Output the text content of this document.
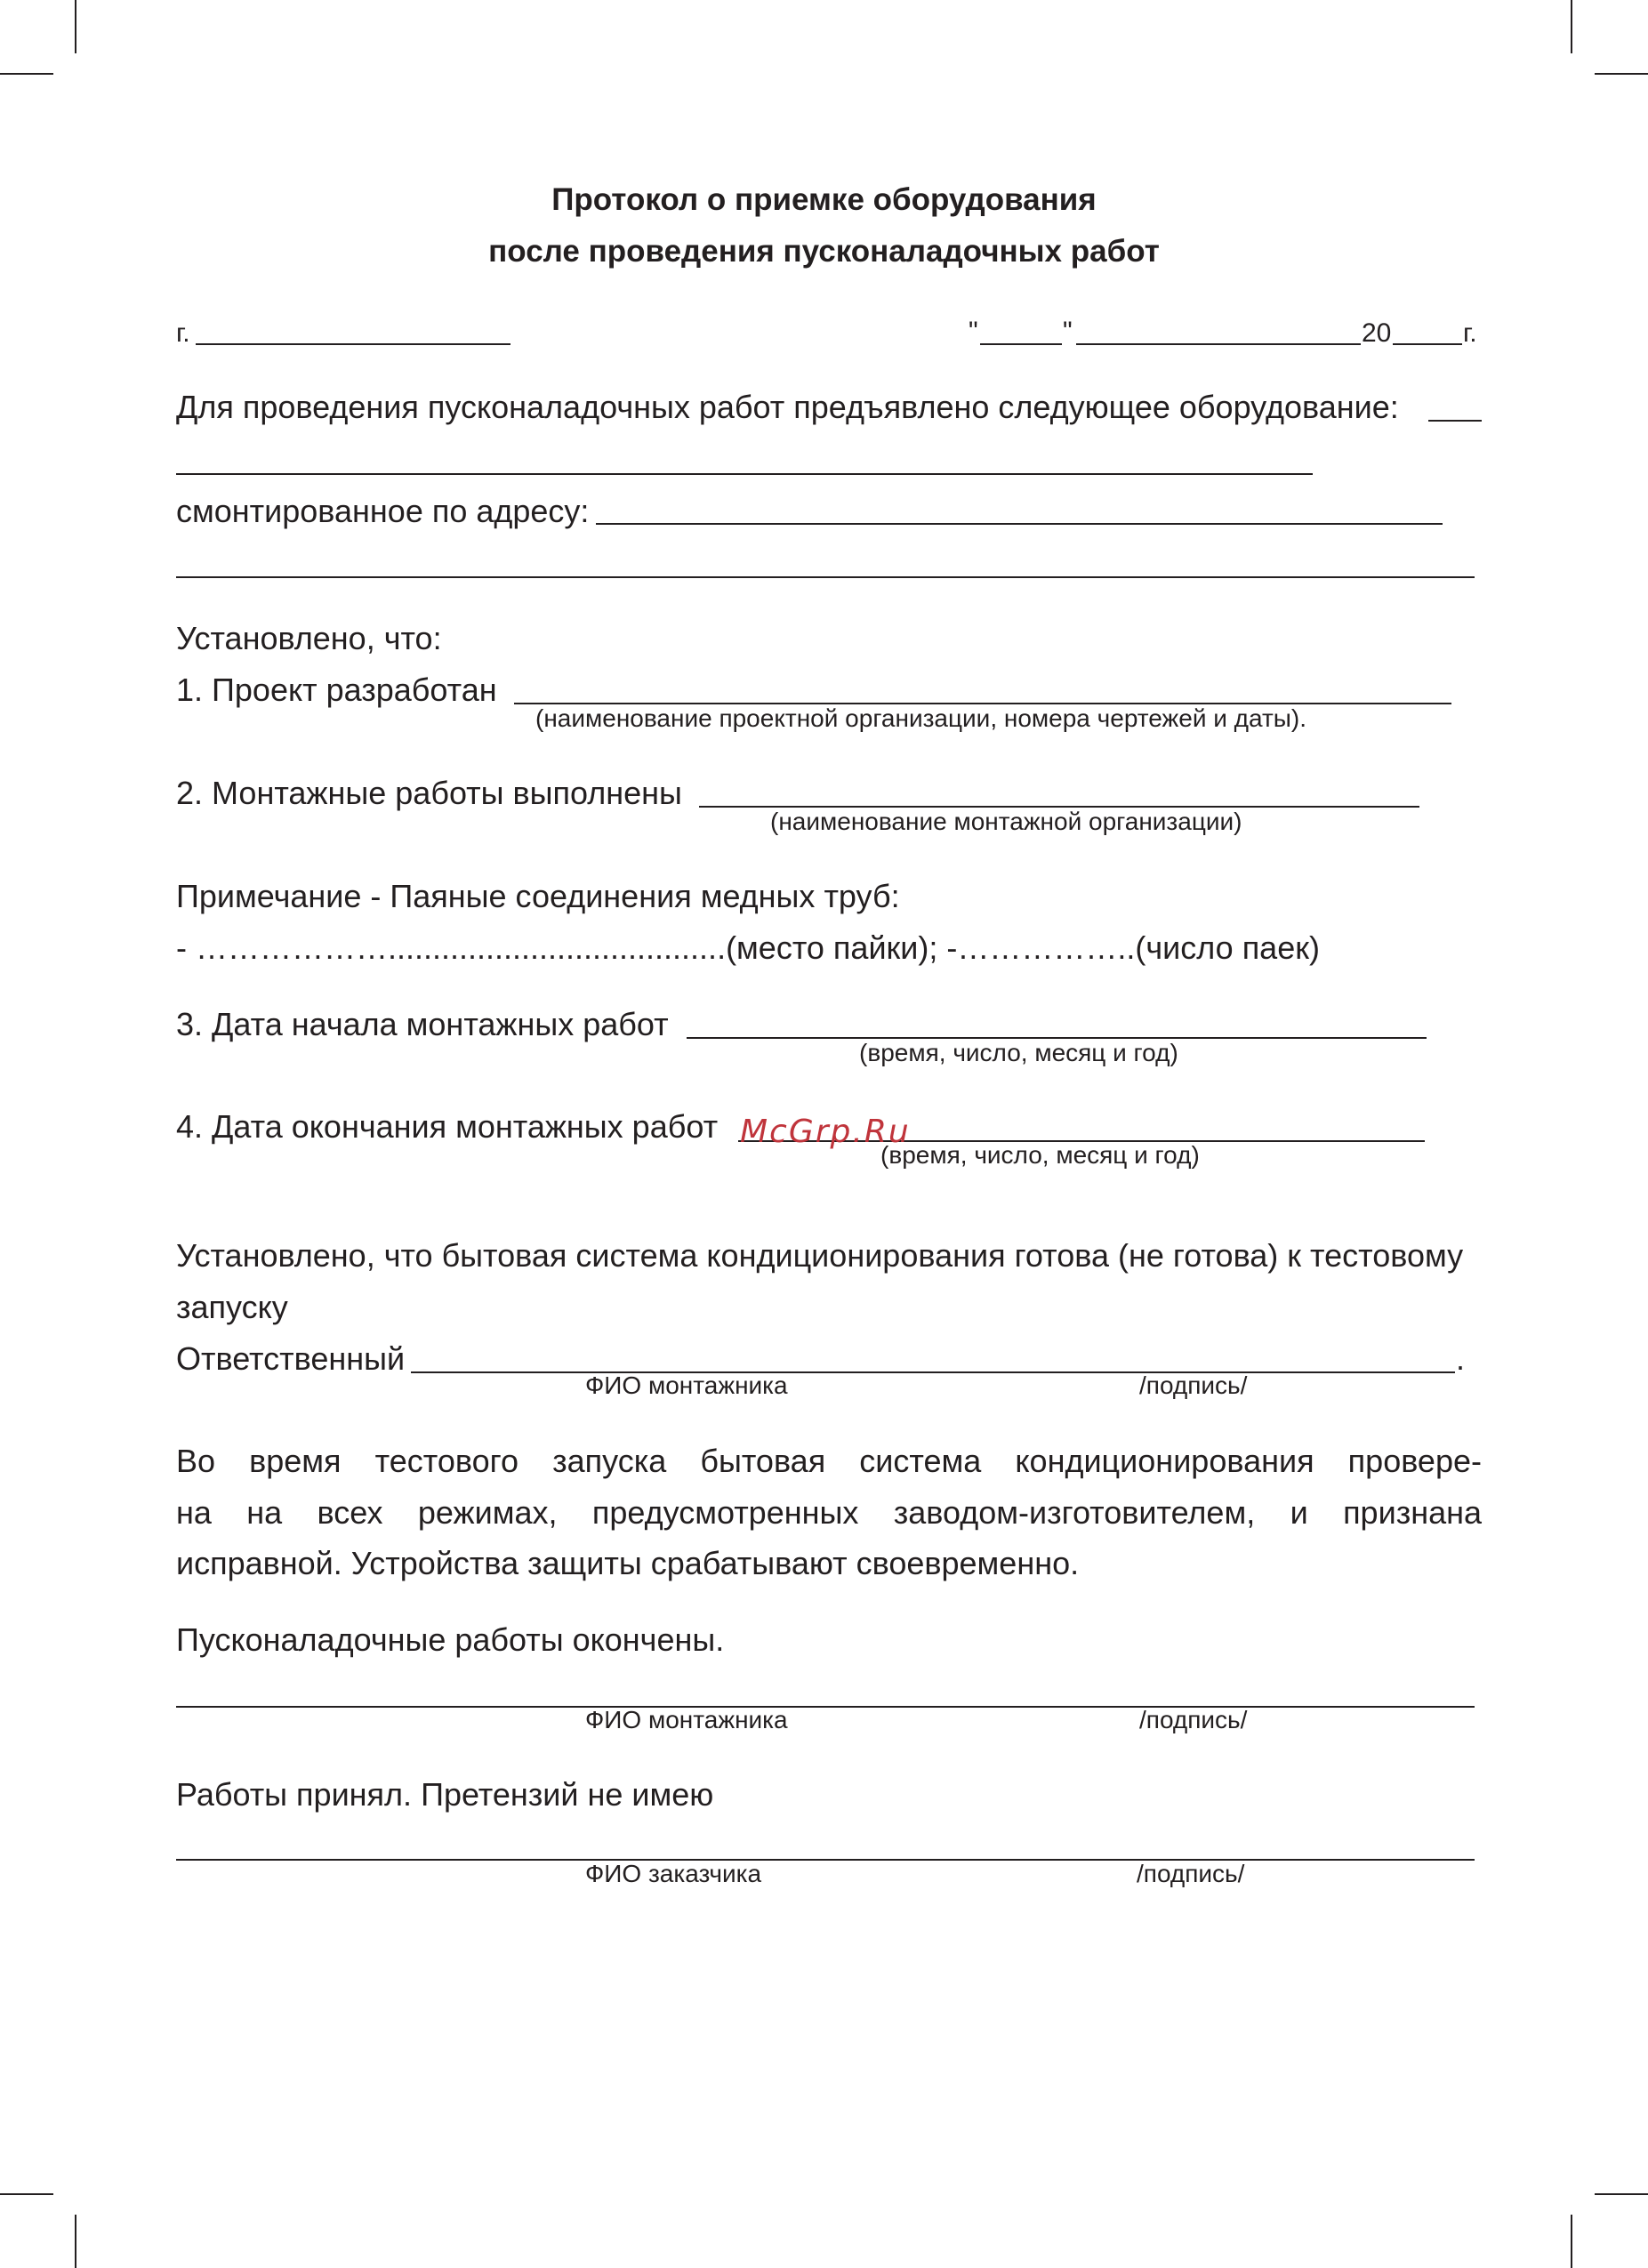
Протокол о приемке оборудования
после проведения пусконаладочных работ
г.	"	"	20	г.
Для проведения пусконаладочных работ предъявлено следующее оборудование:
смонтированное по адресу:
Установлено, что:
1. Проект разработан
(наименование проектной организации, номера чертежей и даты).
2. Монтажные работы выполнены
(наименование монтажной организации)
Примечание - Паяные соединения медных труб:
- ………………......................................(место пайки); -……………..(число паек)
3. Дата начала монтажных работ
(время, число, месяц и год)
4. Дата окончания монтажных работ
(время, число, месяц и год)
McGrp.Ru
Установлено, что бытовая система кондиционирования готова (не готова) к тестовому
запуску
Ответственный	.
ФИО монтажника	/подпись/
Во время тестового запуска бытовая система кондиционирования провере-
на на всех режимах, предусмотренных заводом-изготовителем, и признана
исправной. Устройства защиты срабатывают своевременно.
Пусконаладочные работы окончены.
ФИО монтажника	/подпись/
Работы принял. Претензий не имею
ФИО заказчика	/подпись/
